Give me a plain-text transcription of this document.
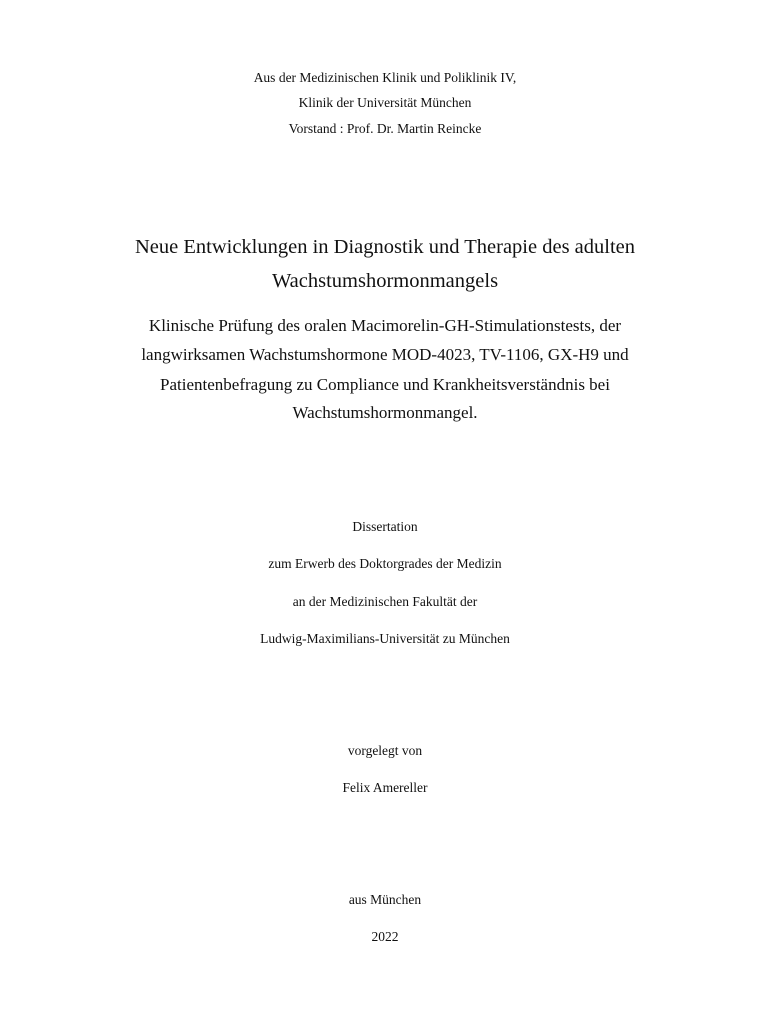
Aus der Medizinischen Klinik und Poliklinik IV,
Klinik der Universität München
Vorstand : Prof. Dr. Martin Reincke
Neue Entwicklungen in Diagnostik und Therapie des adulten
Wachstumshormonmangels
Klinische Prüfung des oralen Macimorelin-GH-Stimulationstests, der
langwirksamen Wachstumshormone MOD-4023, TV-1106, GX-H9 und
Patientenbefragung zu Compliance und Krankheitsverständnis bei
Wachstumshormonmangel.
Dissertation
zum Erwerb des Doktorgrades der Medizin
an der Medizinischen Fakultät der
Ludwig-Maximilians-Universität zu München
vorgelegt von
Felix Amereller
aus München
2022
